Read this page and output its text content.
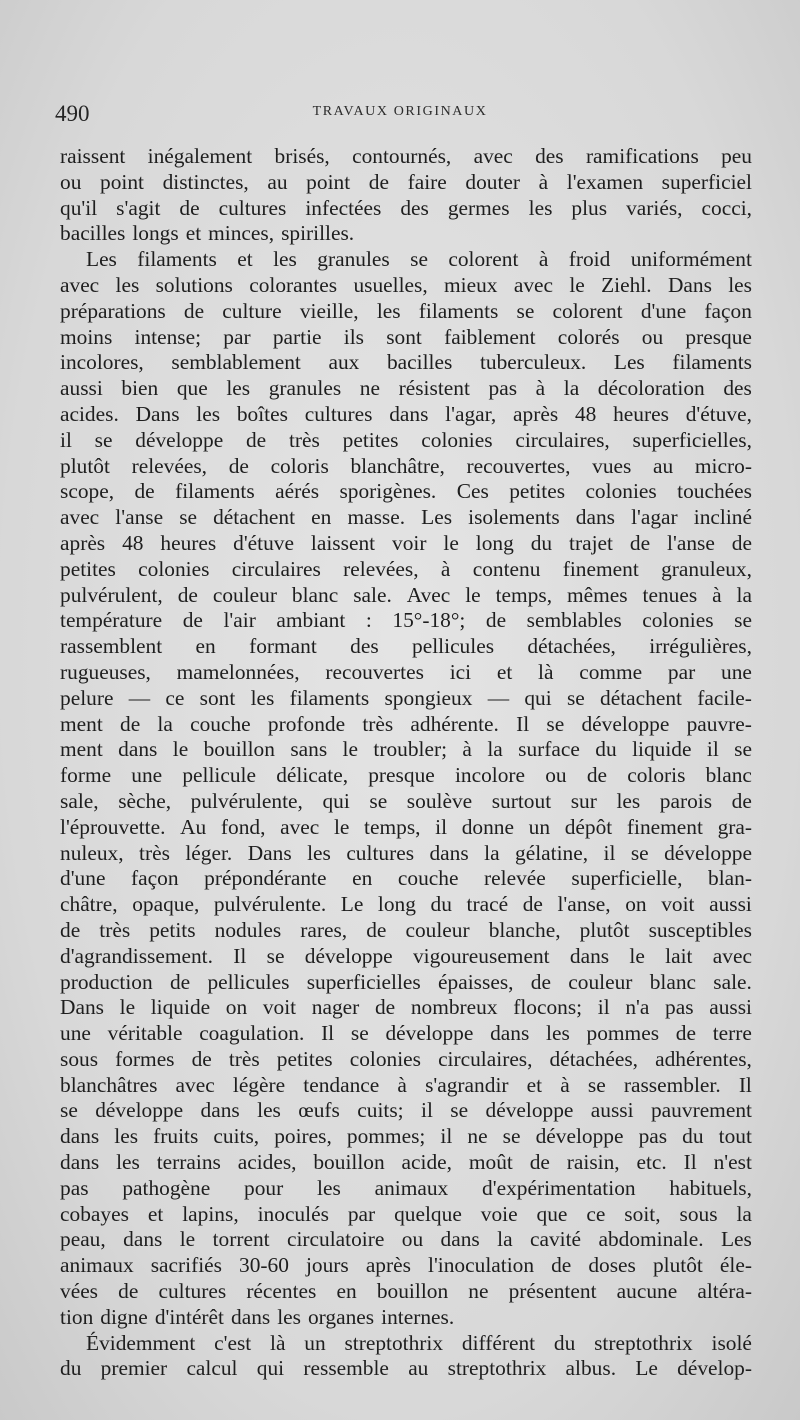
490	TRAVAUX ORIGINAUX
raissent inégalement brisés, contournés, avec des ramifications peu
ou point distinctes, au point de faire douter à l'examen superficiel
qu'il s'agit de cultures infectées des germes les plus variés, cocci,
bacilles longs et minces, spirilles.
Les filaments et les granules se colorent à froid uniformément
avec les solutions colorantes usuelles, mieux avec le Ziehl. Dans les
préparations de culture vieille, les filaments se colorent d'une façon
moins intense; par partie ils sont faiblement colorés ou presque
incolores, semblablement aux bacilles tuberculeux. Les filaments
aussi bien que les granules ne résistent pas à la décoloration des
acides. Dans les boîtes cultures dans l'agar, après 48 heures d'étuve,
il se développe de très petites colonies circulaires, superficielles,
plutôt relevées, de coloris blanchâtre, recouvertes, vues au micro-
scope, de filaments aérés sporigènes. Ces petites colonies touchées
avec l'anse se détachent en masse. Les isolements dans l'agar incliné
après 48 heures d'étuve laissent voir le long du trajet de l'anse de
petites colonies circulaires relevées, à contenu finement granuleux,
pulvérulent, de couleur blanc sale. Avec le temps, mêmes tenues à la
température de l'air ambiant : 15°-18°; de semblables colonies se
rassemblent en formant des pellicules détachées, irrégulières,
rugueuses, mamelonnées, recouvertes ici et là comme par une
pelure — ce sont les filaments spongieux — qui se détachent facile-
ment de la couche profonde très adhérente. Il se développe pauvre-
ment dans le bouillon sans le troubler; à la surface du liquide il se
forme une pellicule délicate, presque incolore ou de coloris blanc
sale, sèche, pulvérulente, qui se soulève surtout sur les parois de
l'éprouvette. Au fond, avec le temps, il donne un dépôt finement gra-
nuleux, très léger. Dans les cultures dans la gélatine, il se développe
d'une façon prépondérante en couche relevée superficielle, blan-
châtre, opaque, pulvérulente. Le long du tracé de l'anse, on voit aussi
de très petits nodules rares, de couleur blanche, plutôt susceptibles
d'agrandissement. Il se développe vigoureusement dans le lait avec
production de pellicules superficielles épaisses, de couleur blanc sale.
Dans le liquide on voit nager de nombreux flocons; il n'a pas aussi
une véritable coagulation. Il se développe dans les pommes de terre
sous formes de très petites colonies circulaires, détachées, adhérentes,
blanchâtres avec légère tendance à s'agrandir et à se rassembler. Il
se développe dans les œufs cuits; il se développe aussi pauvrement
dans les fruits cuits, poires, pommes; il ne se développe pas du tout
dans les terrains acides, bouillon acide, moût de raisin, etc. Il n'est
pas pathogène pour les animaux d'expérimentation habituels,
cobayes et lapins, inoculés par quelque voie que ce soit, sous la
peau, dans le torrent circulatoire ou dans la cavité abdominale. Les
animaux sacrifiés 30-60 jours après l'inoculation de doses plutôt éle-
vées de cultures récentes en bouillon ne présentent aucune altéra-
tion digne d'intérêt dans les organes internes.
Évidemment c'est là un streptothrix différent du streptothrix isolé
du premier calcul qui ressemble au streptothrix albus. Le dévelop-
